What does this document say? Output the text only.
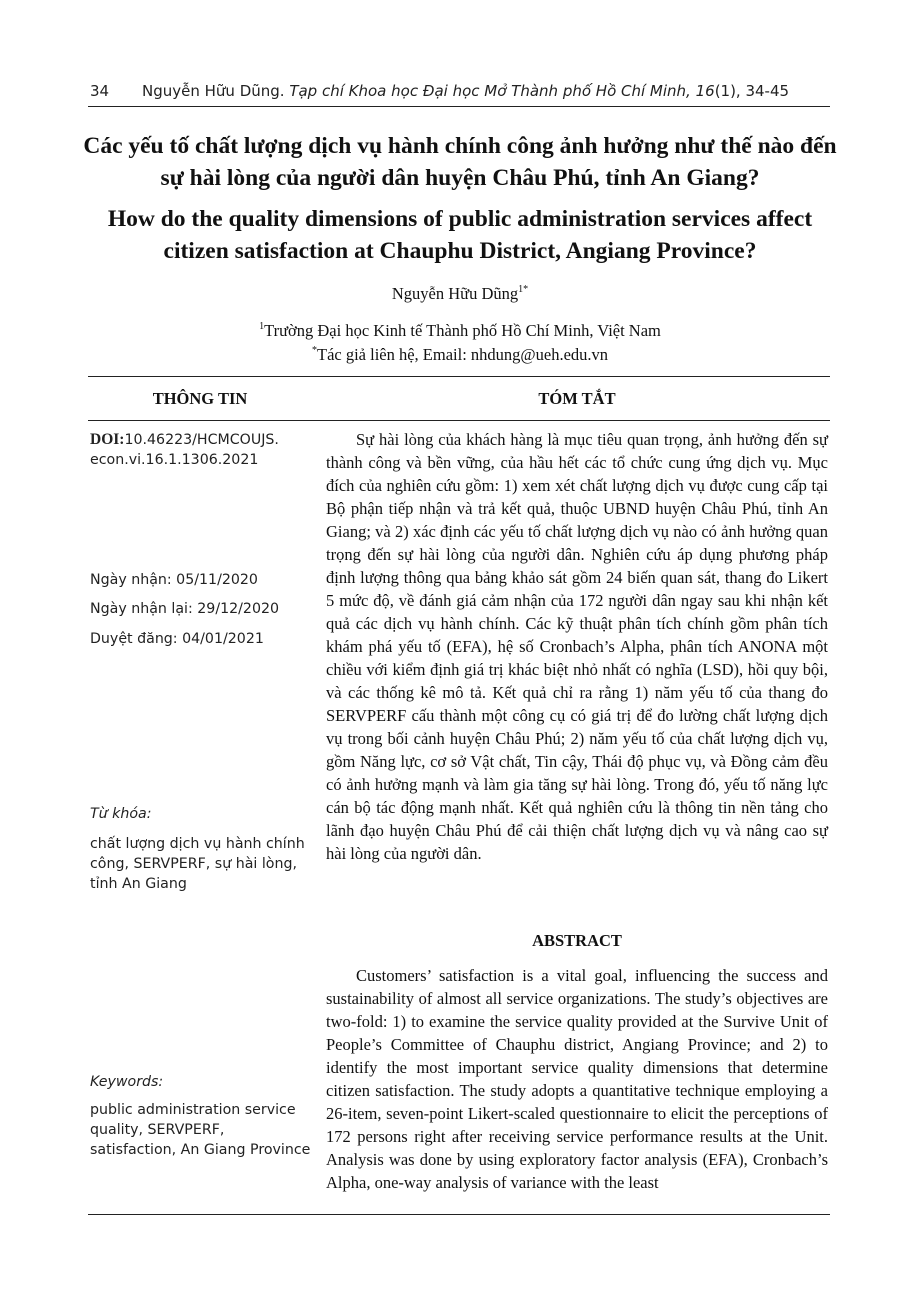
34 Nguyễn Hữu Dũng. Tạp chí Khoa học Đại học Mở Thành phố Hồ Chí Minh, 16(1), 34-45
Các yếu tố chất lượng dịch vụ hành chính công ảnh hưởng như thế nào đến sự hài lòng của người dân huyện Châu Phú, tỉnh An Giang?
How do the quality dimensions of public administration services affect citizen satisfaction at Chauphu District, Angiang Province?
Nguyễn Hữu Dũng$^{1*}$
$^1$Trường Đại học Kinh tế Thành phố Hồ Chí Minh, Việt Nam
*Tác giả liên hệ, Email: nhdung@ueh.edu.vn
THÔNG TIN	TÓM TẮT
DOI:10.46223/HCMCOUJS. econ.vi.16.1.1306.2021
Ngày nhận: 05/11/2020
Ngày nhận lại: 29/12/2020
Duyệt đăng: 04/01/2021
Từ khóa:
chất lượng dịch vụ hành chính công, SERVPERF, sự hài lòng, tỉnh An Giang

Sự hài lòng của khách hàng là mục tiêu quan trọng, ảnh hưởng đến sự thành công và bền vững, của hầu hết các tổ chức cung ứng dịch vụ. Mục đích của nghiên cứu gồm: 1) xem xét chất lượng dịch vụ được cung cấp tại Bộ phận tiếp nhận và trả kết quả, thuộc UBND huyện Châu Phú, tỉnh An Giang; và 2) xác định các yếu tố chất lượng dịch vụ nào có ảnh hưởng quan trọng đến sự hài lòng của người dân. Nghiên cứu áp dụng phương pháp định lượng thông qua bảng khảo sát gồm 24 biến quan sát, thang đo Likert 5 mức độ, về đánh giá cảm nhận của 172 người dân ngay sau khi nhận kết quả các dịch vụ hành chính. Các kỹ thuật phân tích chính gồm phân tích khám phá yếu tố (EFA), hệ số Cronbach’s Alpha, phân tích ANONA một chiều với kiểm định giá trị khác biệt nhỏ nhất có nghĩa (LSD), hồi quy bội, và các thống kê mô tả. Kết quả chỉ ra rằng 1) năm yếu tố của thang đo SERVPERF cấu thành một công cụ có giá trị để đo lường chất lượng dịch vụ trong bối cảnh huyện Châu Phú; 2) năm yếu tố của chất lượng dịch vụ, gồm Năng lực, cơ sở Vật chất, Tin cậy, Thái độ phục vụ, và Đồng cảm đều có ảnh hưởng mạnh và làm gia tăng sự hài lòng. Trong đó, yếu tố năng lực cán bộ tác động mạnh nhất. Kết quả nghiên cứu là thông tin nền tảng cho lãnh đạo huyện Châu Phú để cải thiện chất lượng dịch vụ và nâng cao sự hài lòng của người dân.

ABSTRACT

Customers’ satisfaction is a vital goal, influencing the success and sustainability of almost all service organizations. The study’s objectives are two-fold: 1) to examine the service quality provided at the Survive Unit of People’s Committee of Chauphu district, Angiang Province; and 2) to identify the most important service quality dimensions that determine citizen satisfaction. The study adopts a quantitative technique employing a 26-item, seven-point Likert-scaled questionnaire to elicit the perceptions of 172 persons right after receiving service performance results at the Unit. Analysis was done by using exploratory factor analysis (EFA), Cronbach’s Alpha, one-way analysis of variance with the least

Keywords:
public administration service quality, SERVPERF, satisfaction, An Giang Province
